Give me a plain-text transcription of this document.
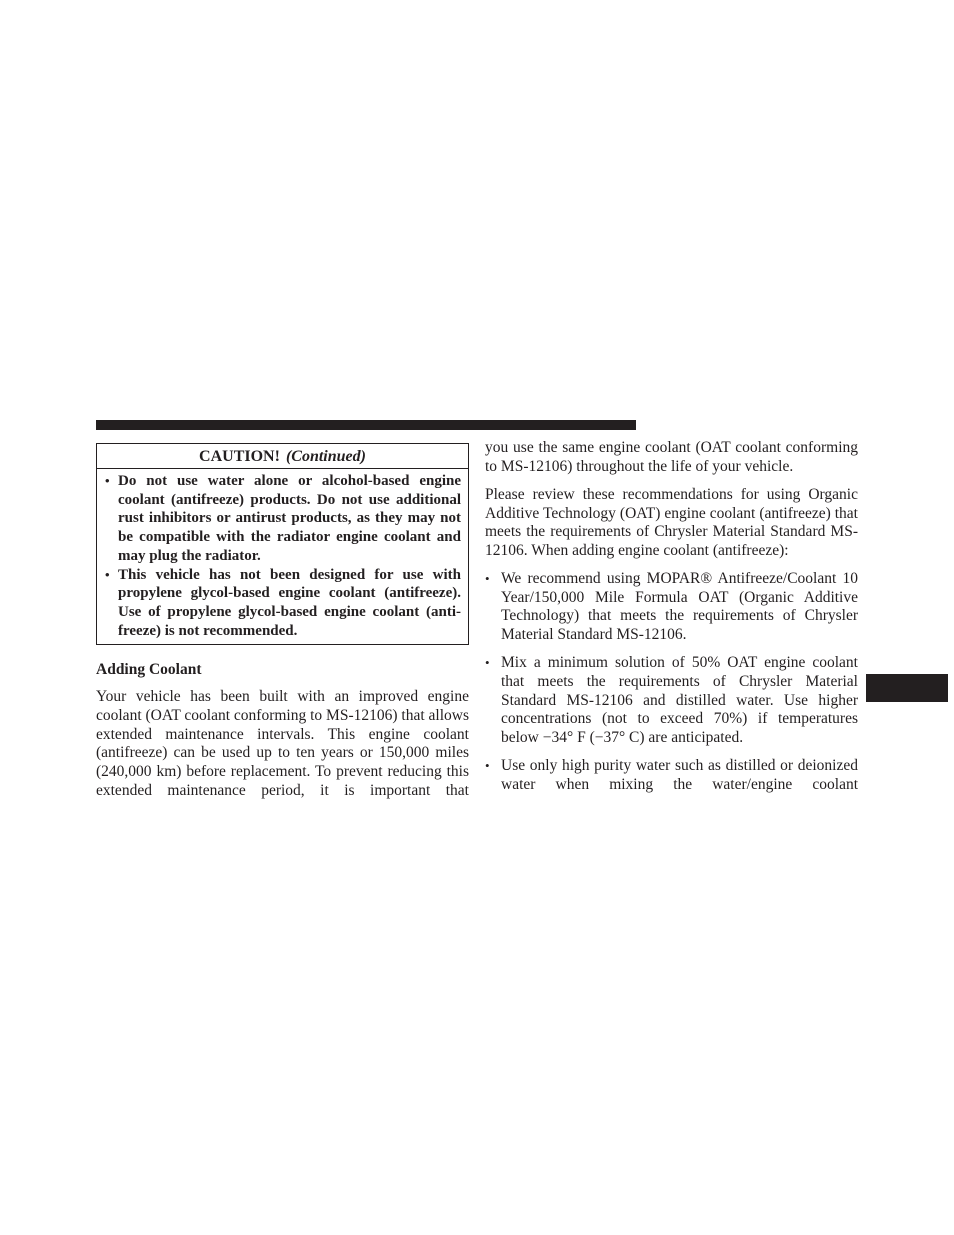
CAUTION! (Continued)
• Do not use water alone or alcohol-based engine coolant (antifreeze) products. Do not use additional rust inhibitors or antirust products, as they may not be compatible with the radiator engine coolant and may plug the radiator.
• This vehicle has not been designed for use with propylene glycol-based engine coolant (antifreeze). Use of propylene glycol-based engine coolant (anti-freeze) is not recommended.
Adding Coolant

Your vehicle has been built with an improved engine coolant (OAT coolant conforming to MS-12106) that allows extended maintenance intervals. This engine coolant (antifreeze) can be used up to ten years or 150,000 miles (240,000 km) before replacement. To prevent reducing this extended maintenance period, it is important that

you use the same engine coolant (OAT coolant conforming to MS-12106) throughout the life of your vehicle.

Please review these recommendations for using Organic Additive Technology (OAT) engine coolant (antifreeze) that meets the requirements of Chrysler Material Standard MS-12106. When adding engine coolant (antifreeze):

• We recommend using MOPAR® Antifreeze/Coolant 10 Year/150,000 Mile Formula OAT (Organic Additive Technology) that meets the requirements of Chrysler Material Standard MS-12106.
• Mix a minimum solution of 50% OAT engine coolant that meets the requirements of Chrysler Material Standard MS-12106 and distilled water. Use higher concentrations (not to exceed 70%) if temperatures below −34° F (−37° C) are anticipated.
• Use only high purity water such as distilled or deionized water when mixing the water/engine coolant
